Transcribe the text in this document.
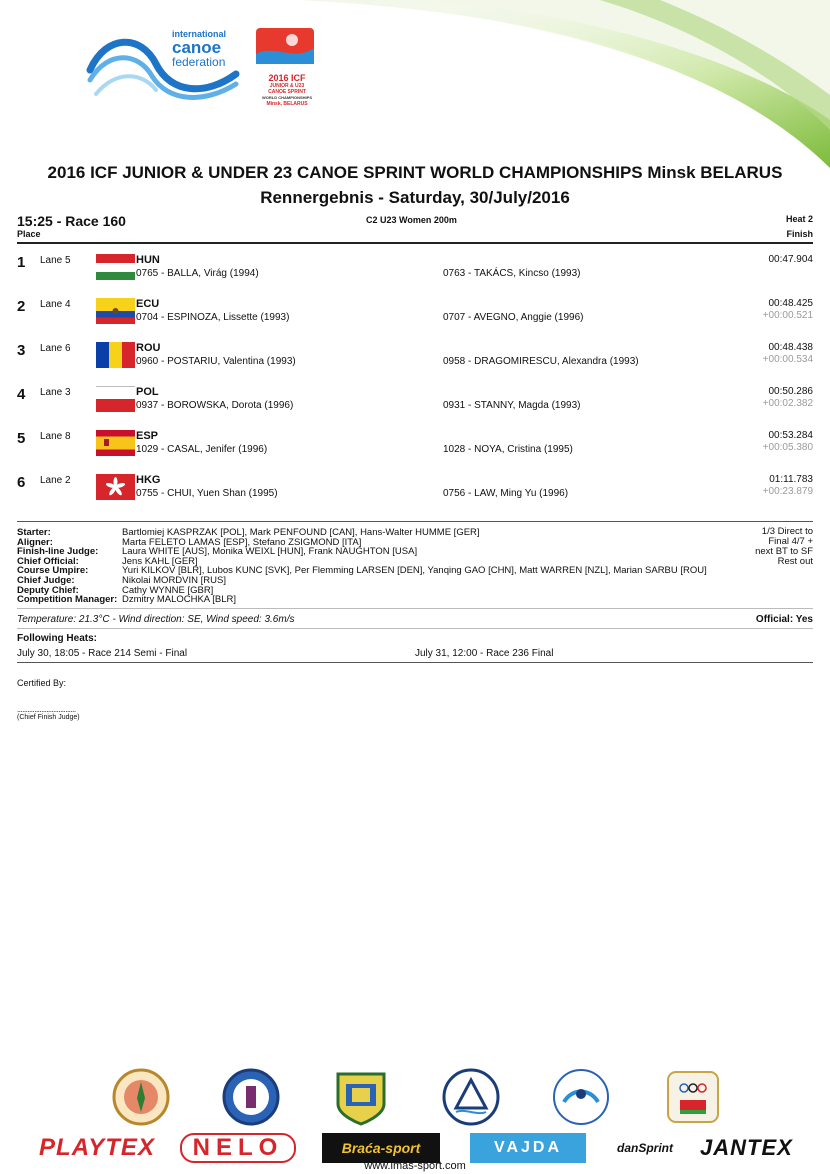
international
canoe
federation
2016 ICF
JUNIOR & U23
CANOE SPRINT
WORLD CHAMPIONSHIPS
Minsk, BELARUS
2016 ICF JUNIOR & UNDER 23 CANOE SPRINT WORLD CHAMPIONSHIPS Minsk BELARUS
Rennergebnis - Saturday, 30/July/2016
15:25 - Race 160	C2 U23 Women 200m	Heat 2
Place	Finish
1 Lane 5	HUN
0765 - BALLA, Virág (1994)	0763 - TAKÁCS, Kincso (1993)
00:47.904
2 Lane 4	ECU
0704 - ESPINOZA, Lissette (1993)	0707 - AVEGNO, Anggie (1996)
00:48.425
+00:00.521
3 Lane 6	ROU
0960 - POSTARIU, Valentina (1993)	0958 - DRAGOMIRESCU, Alexandra (1993)
00:48.438
+00:00.534
4 Lane 3	POL
0937 - BOROWSKA, Dorota (1996)	0931 - STANNY, Magda (1993)
00:50.286
+00:02.382
5 Lane 8	ESP
1029 - CASAL, Jenifer (1996)	1028 - NOYA, Cristina (1995)
00:53.284
+00:05.380
6 Lane 2	HKG
0755 - CHUI, Yuen Shan (1995)	0756 - LAW, Ming Yu (1996)
01:11.783
+00:23.879
Starter:	Bartlomiej KASPRZAK [POL], Mark PENFOUND [CAN], Hans-Walter HUMME [GER]
Aligner:	Marta FELETO LAMAS [ESP], Stefano ZSIGMOND [ITA]
Finish-line Judge: Laura WHITE [AUS], Monika WEIXL [HUN], Frank NAUGHTON [USA]
Chief Official:	Jens KAHL [GER]
Course Umpire:	Yuri KILKOV [BLR], Lubos KUNC [SVK], Per Flemming LARSEN [DEN], Yanqing GAO [CHN], Matt WARREN [NZL], Marian SARBU [ROU]
Chief Judge:	Nikolai MORDVIN [RUS]
Deputy Chief:	Cathy WYNNE [GBR]
Competition Manager: Dzmitry MALOCHKA [BLR]
1/3 Direct to
Final 4/7 +
next BT to SF
Rest out
Temperature: 21.3°C - Wind direction: SE, Wind speed: 3.6m/s	Official: Yes
Following Heats:
July 30, 18:05 - Race 214 Semi - Final	July 31, 12:00 - Race 236 Final
Certified By:
..................................
(Chief Finish Judge)
PLAYTEX	NELO	Braća-sport	VAJDA	danSprint	JANTEX
www.imas-sport.com
